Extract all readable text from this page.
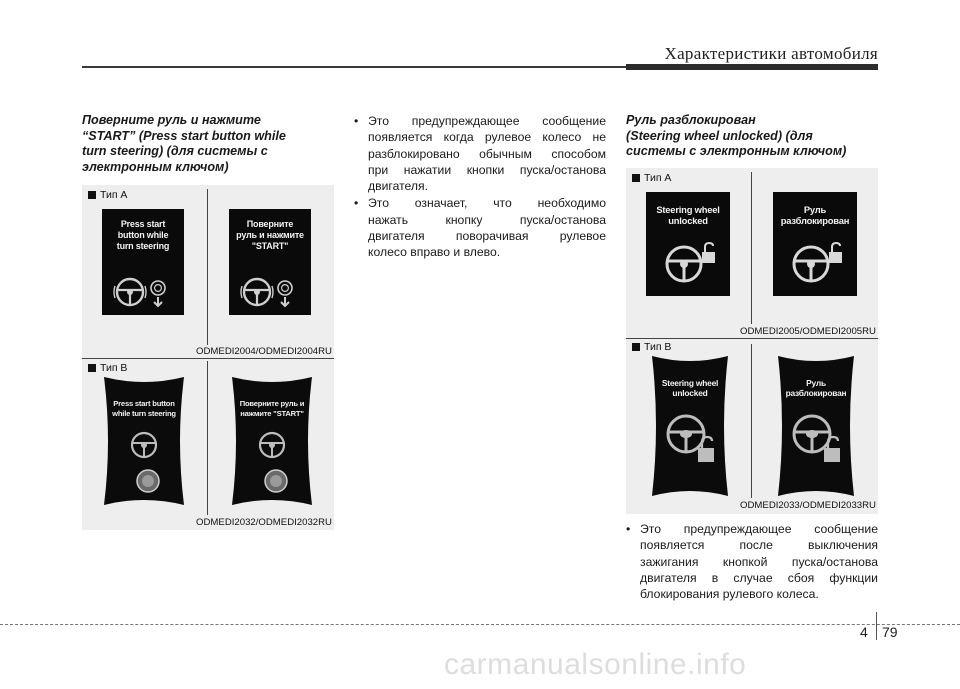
Характеристики автомобиля
Поверните руль и нажмите
“START” (Press start button while
turn steering) (для системы с
электронным ключом)
Тип A
Press start
button while
turn steering
Поверните
руль и нажмите
"START"
ODMEDI2004/ODMEDI2004RU
Тип B
Press start button
while turn steering
Поверните руль и
нажмите "START"
ODMEDI2032/ODMEDI2032RU
• Это предупреждающее сообщение
появляется когда рулевое колесо не
разблокировано обычным способом
при нажатии кнопки пуска/останова
двигателя.
• Это означает, что необходимо
нажать кнопку пуска/останова
двигателя поворачивая рулевое
колесо вправо и влево.
Руль разблокирован
(Steering wheel unlocked) (для
системы с электронным ключом)
Тип A
Steering wheel
unlocked
Руль
разблокирован
ODMEDI2005/ODMEDI2005RU
Тип B
Steering wheel
unlocked
Руль
разблокирован
ODMEDI2033/ODMEDI2033RU
• Это предупреждающее сообщение
появляется после выключения
зажигания кнопкой пуска/останова
двигателя в случае сбоя функции
блокирования рулевого колеса.
4 79
carmanualsonline.info
